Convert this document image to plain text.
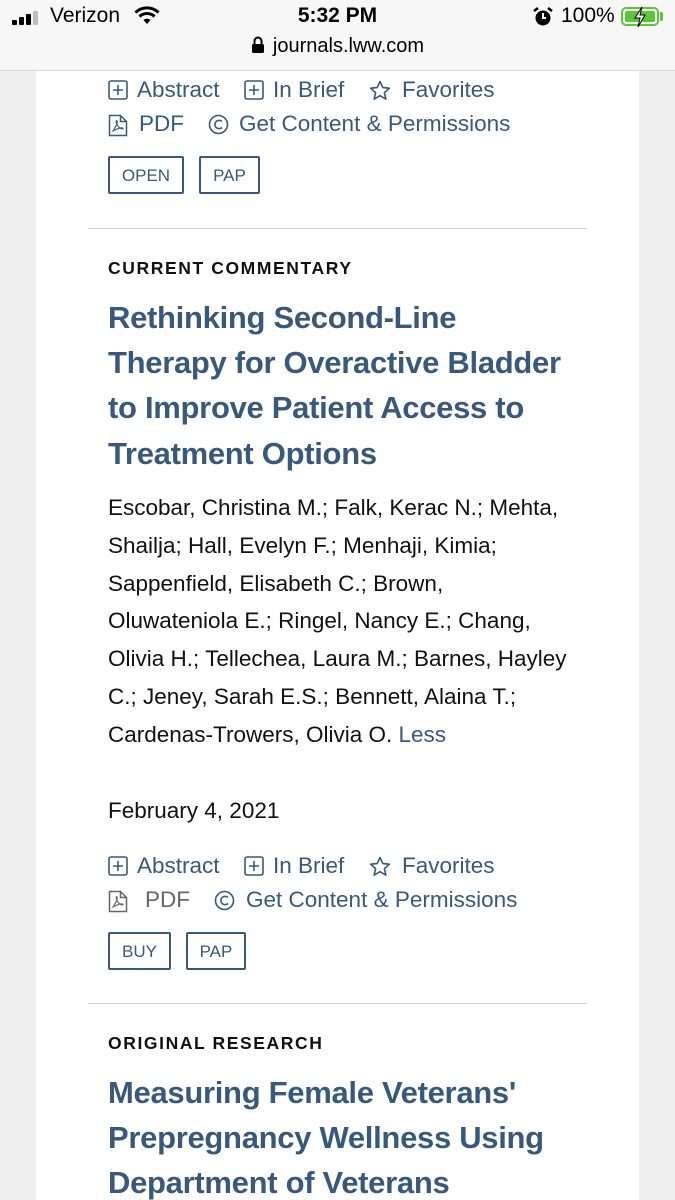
Verizon	5:32 PM	100%
journals.lww.com
Abstract In Brief	Favorites
PDF Get Content & Permissions
OPEN	PAP
CURRENT COMMENTARY
Rethinking Second-Line Therapy for Overactive Bladder to Improve Patient Access to Treatment Options
Escobar, Christina M.; Falk, Kerac N.; Mehta, Shailja; Hall, Evelyn F.; Menhaji, Kimia; Sappenfield, Elisabeth C.; Brown, Oluwateniola E.; Ringel, Nancy E.; Chang, Olivia H.; Tellechea, Laura M.; Barnes, Hayley C.; Jeney, Sarah E.S.; Bennett, Alaina T.; Cardenas-Trowers, Olivia O. Less
February 4, 2021
Abstract In Brief	Favorites
PDF Get Content & Permissions
BUY	PAP
ORIGINAL RESEARCH
Measuring Female Veterans' Prepregnancy Wellness Using Department of Veterans
